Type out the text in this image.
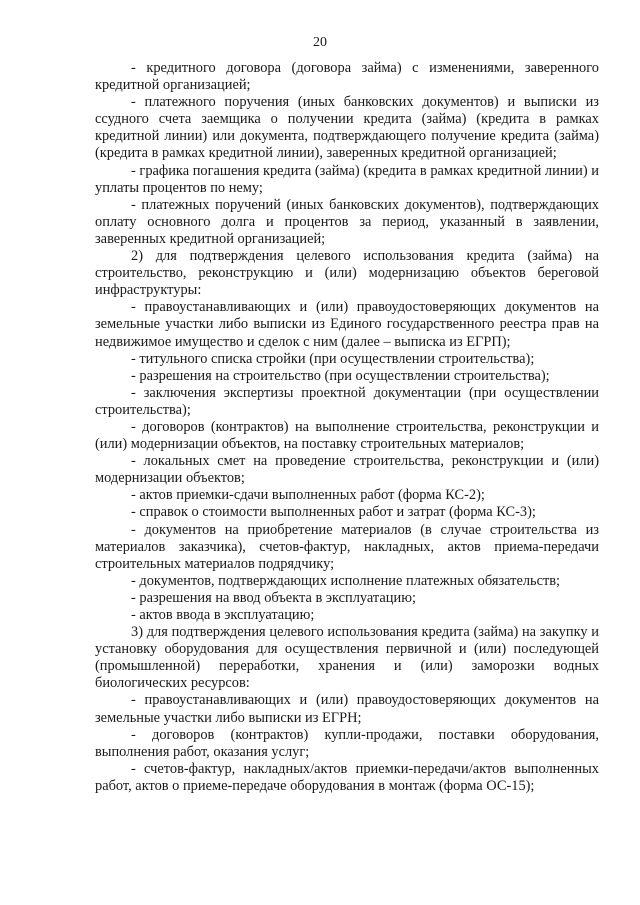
20

- кредитного договора (договора займа) с изменениями, заверенного кредитной организацией;

- платежного поручения (иных банковских документов) и выписки из ссудного счета заемщика о получении кредита (займа) (кредита в рамках кредитной линии) или документа, подтверждающего получение кредита (займа) (кредита в рамках кредитной линии), заверенных кредитной организацией;

- графика погашения кредита (займа) (кредита в рамках кредитной линии) и уплаты процентов по нему;

- платежных поручений (иных банковских документов), подтверждающих оплату основного долга и процентов за период, указанный в заявлении, заверенных кредитной организацией;

2) для подтверждения целевого использования кредита (займа) на строительство, реконструкцию и (или) модернизацию объектов береговой инфраструктуры:

- правоустанавливающих и (или) правоудостоверяющих документов на земельные участки либо выписки из Единого государственного реестра прав на недвижимое имущество и сделок с ним (далее – выписка из ЕГРП);

- титульного списка стройки (при осуществлении строительства);

- разрешения на строительство (при осуществлении строительства);

- заключения экспертизы проектной документации (при осуществлении строительства);

- договоров (контрактов) на выполнение строительства, реконструкции и (или) модернизации объектов, на поставку строительных материалов;

- локальных смет на проведение строительства, реконструкции и (или) модернизации объектов;

- актов приемки-сдачи выполненных работ (форма КС-2);

- справок о стоимости выполненных работ и затрат (форма КС-3);

- документов на приобретение материалов (в случае строительства из материалов заказчика), счетов-фактур, накладных, актов приема-передачи строительных материалов подрядчику;

- документов, подтверждающих исполнение платежных обязательств;

- разрешения на ввод объекта в эксплуатацию;

- актов ввода в эксплуатацию;

3) для подтверждения целевого использования кредита (займа) на закупку и установку оборудования для осуществления первичной и (или) последующей (промышленной) переработки, хранения и (или) заморозки водных биологических ресурсов:

- правоустанавливающих и (или) правоудостоверяющих документов на земельные участки либо выписки из ЕГРН;

- договоров (контрактов) купли-продажи, поставки оборудования, выполнения работ, оказания услуг;

- счетов-фактур, накладных/актов приемки-передачи/актов выполненных работ, актов о приеме-передаче оборудования в монтаж (форма ОС-15);
